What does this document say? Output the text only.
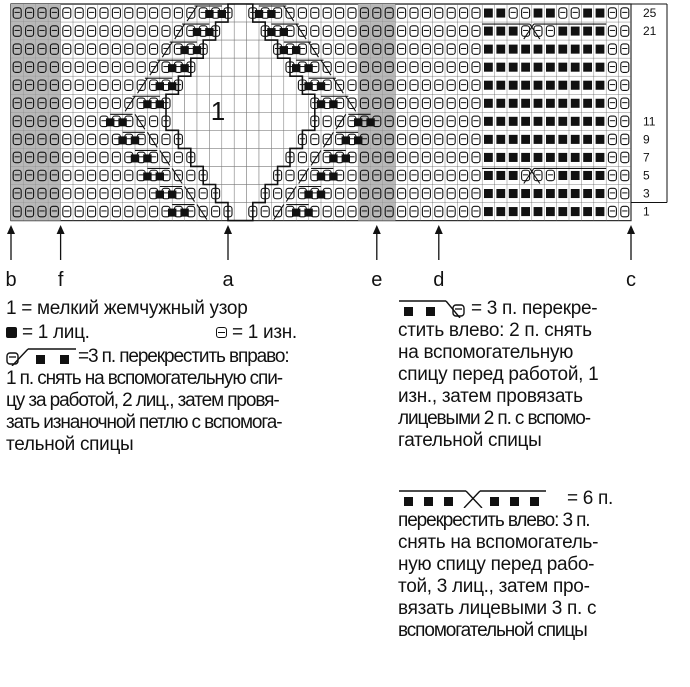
1
1
3
5
7
9
11
21
25
b f	a	e	d	c
1 = мелкий жемчужный узор
= 1 лиц.	= 1 изн.
=3 п. перекрестить вправо:
1 п. снять на вспомогательную спи-
цу за работой, 2 лиц., затем провя-
зать изнаночной петлю с вспомога-
тельной спицы
= 3 п. перекре-
стить влево: 2 п. снять
на вспомогательную
спицу перед работой, 1
изн., затем провязать
лицевыми 2 п. с вспомо-
гательной спицы
= 6 п.
перекрестить влево: 3 п.
снять на вспомогатель-
ную спицу перед рабо-
той, 3 лиц., затем про-
вязать лицевыми 3 п. с
вспомогательной спицы
